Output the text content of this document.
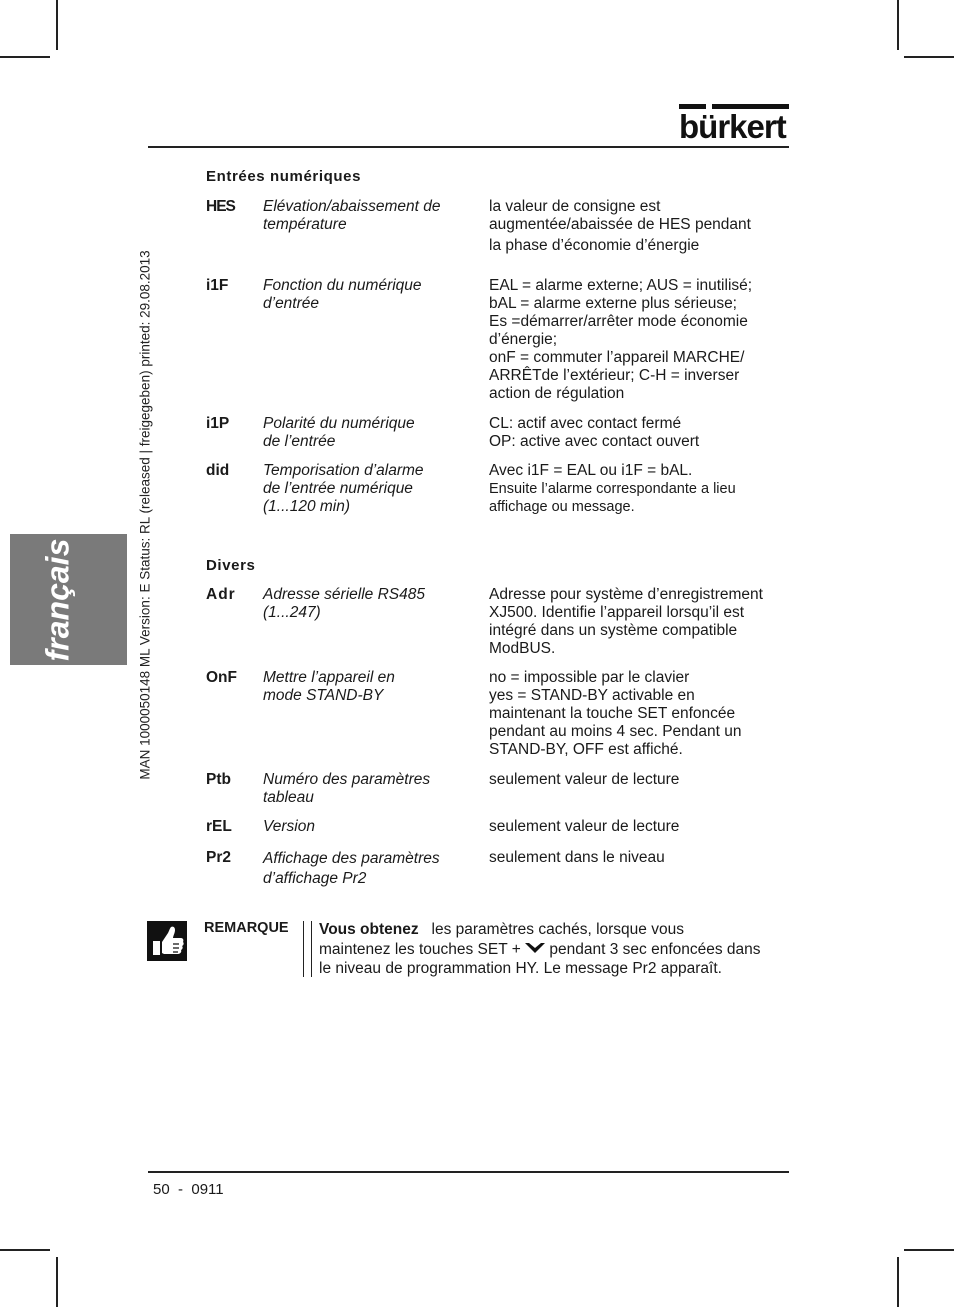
bürkert
français	MAN 1000050148 ML Version: E Status: RL (released | freigegeben) printed: 29.08.2013
Entrées numériques
HES Elévation/abaissement de
température
la valeur de consigne est
augmentée/abaissée de HES pendant
la phase d’économie d’énergie
i1F Fonction du numérique
d’entrée
EAL = alarme externe; AUS = inutilisé;
bAL = alarme externe plus sérieuse;
Es =démarrer/arrêter mode économie
d’énergie;
onF = commuter l’appareil MARCHE/
ARRÊTde l’extérieur; C-H = inverser
action de régulation
i1P Polarité du numérique
de l’entrée
CL: actif avec contact fermé
OP: active avec contact ouvert
did Temporisation d’alarme
de l’entrée numérique
(1...120 min)
Avec i1F = EAL ou i1F = bAL.
Ensuite l’alarme correspondante a lieu
affichage ou message.
Divers
Adr Adresse sérielle RS485
(1...247)
Adresse pour système d’enregistrement
XJ500. Identifie l’appareil lorsqu’il est
intégré dans un système compatible
ModBUS.
OnF Mettre l’appareil en
mode STAND-BY
no = impossible par le clavier
yes = STAND-BY activable en
maintenant la touche SET enfoncée
pendant au moins 4 sec. Pendant un
STAND-BY, OFF est affiché.
Ptb Numéro des paramètres
tableau
seulement valeur de lecture
rEL Version	seulement valeur de lecture
Pr2 Affichage des paramètres
d’affichage Pr2
seulement dans le niveau
REMARQUE Vous obtenez les paramètres cachés, lorsque vous
maintenez les touches SET + pendant 3 sec enfoncées dans
le niveau de programmation HY. Le message Pr2 apparaît.
50  -  0911
